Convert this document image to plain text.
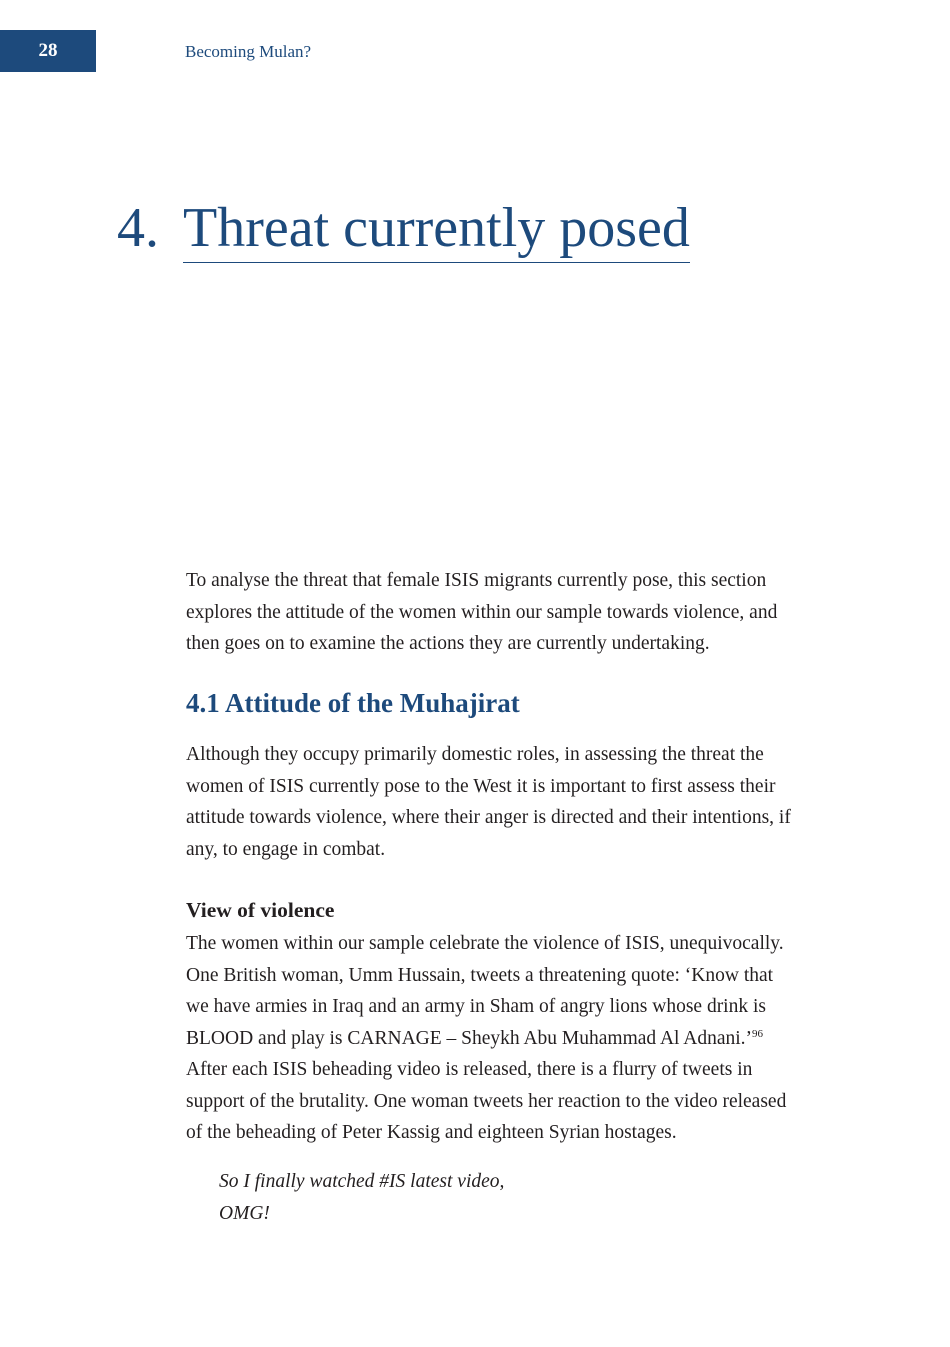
28	Becoming Mulan?
4. Threat currently posed
To analyse the threat that female ISIS migrants currently pose, this section
explores the attitude of the women within our sample towards violence, and
then goes on to examine the actions they are currently undertaking.
4.1 Attitude of the Muhajirat
Although they occupy primarily domestic roles, in assessing the threat the
women of ISIS currently pose to the West it is important to first assess their
attitude towards violence, where their anger is directed and their intentions, if
any, to engage in combat.
View of violence
The women within our sample celebrate the violence of ISIS, unequivocally.
One British woman, Umm Hussain, tweets a threatening quote: ‘Know that
we have armies in Iraq and an army in Sham of angry lions whose drink is
BLOOD and play is CARNAGE – Sheykh Abu Muhammad Al Adnani.’$^{96}$
After each ISIS beheading video is released, there is a flurry of tweets in
support of the brutality. One woman tweets her reaction to the video released
of the beheading of Peter Kassig and eighteen Syrian hostages.
So I finally watched #IS latest video,
OMG!
